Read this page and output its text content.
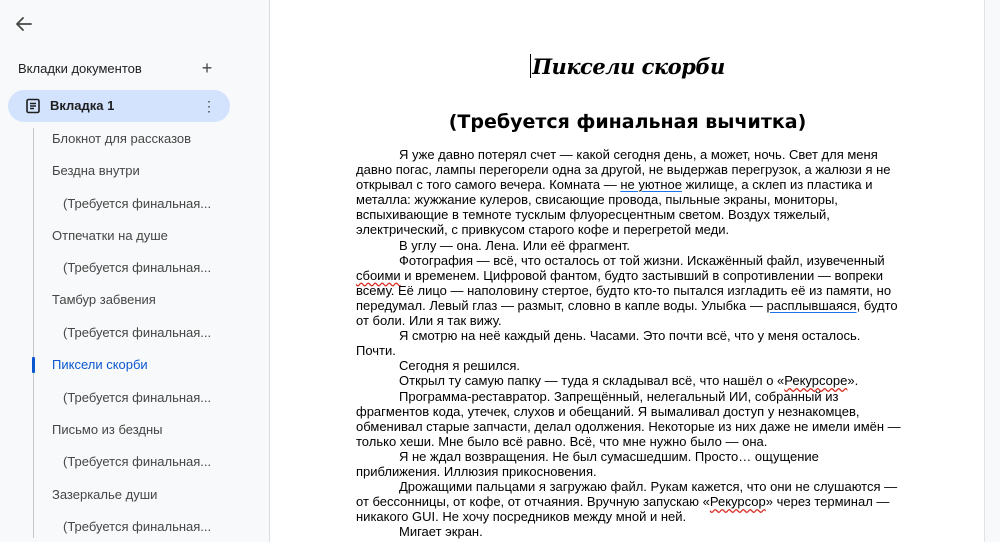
Вкладки документов	+
Вкладка 1	⋮
Блокнот для рассказов
Бездна внутри
(Требуется финальная...
Отпечатки на душе
(Требуется финальная...
Тамбур забвения
(Требуется финальная...
Пиксели скорби
(Требуется финальная...
Письмо из бездны
(Требуется финальная...
Зазеркалье души
(Требуется финальная...
Пиксели скорби
(Требуется финальная вычитка)

Я уже давно потерял счет — какой сегодня день, а может, ночь. Свет для меня давно погас, лампы перегорели одна за другой, не выдержав перегрузок, а жалюзи я не открывал с того самого вечера. Комната — не уютное жилище, а склеп из пластика и металла: жужжание кулеров, свисающие провода, пыльные экраны, мониторы, вспыхивающие в темноте тусклым флуоресцентным светом. Воздух тяжелый, электрический, с привкусом старого кофе и перегретой меди.

В углу — она. Лена. Или её фрагмент.

Фотография — всё, что осталось от той жизни. Искажённый файл, изувеченный сбоими и временем. Цифровой фантом, будто застывший в сопротивлении — вопреки всему. Её лицо — наполовину стертое, будто кто-то пытался изгладить её из памяти, но передумал. Левый глаз — размыт, словно в капле воды. Улыбка — расплывшаяся, будто от боли. Или я так вижу.

Я смотрю на неё каждый день. Часами. Это почти всё, что у меня осталось. Почти.

Сегодня я решился.

Открыл ту самую папку — туда я складывал всё, что нашёл о «Рекурсоре».

Программа-реставратор. Запрещённый, нелегальный ИИ, собранный из фрагментов кода, утечек, слухов и обещаний. Я вымаливал доступ у незнакомцев, обменивал старые запчасти, делал одолжения. Некоторые из них даже не имели имён — только хеши. Мне было всё равно. Всё, что мне нужно было — она.

Я не ждал возвращения. Не был сумасшедшим. Просто… ощущение приближения. Иллюзия прикосновения.

Дрожащими пальцами я загружаю файл. Рукам кажется, что они не слушаются — от бессонницы, от кофе, от отчаяния. Вручную запускаю «Рекурсор» через терминал — никакого GUI. Не хочу посредников между мной и ней.

Мигает экран.
